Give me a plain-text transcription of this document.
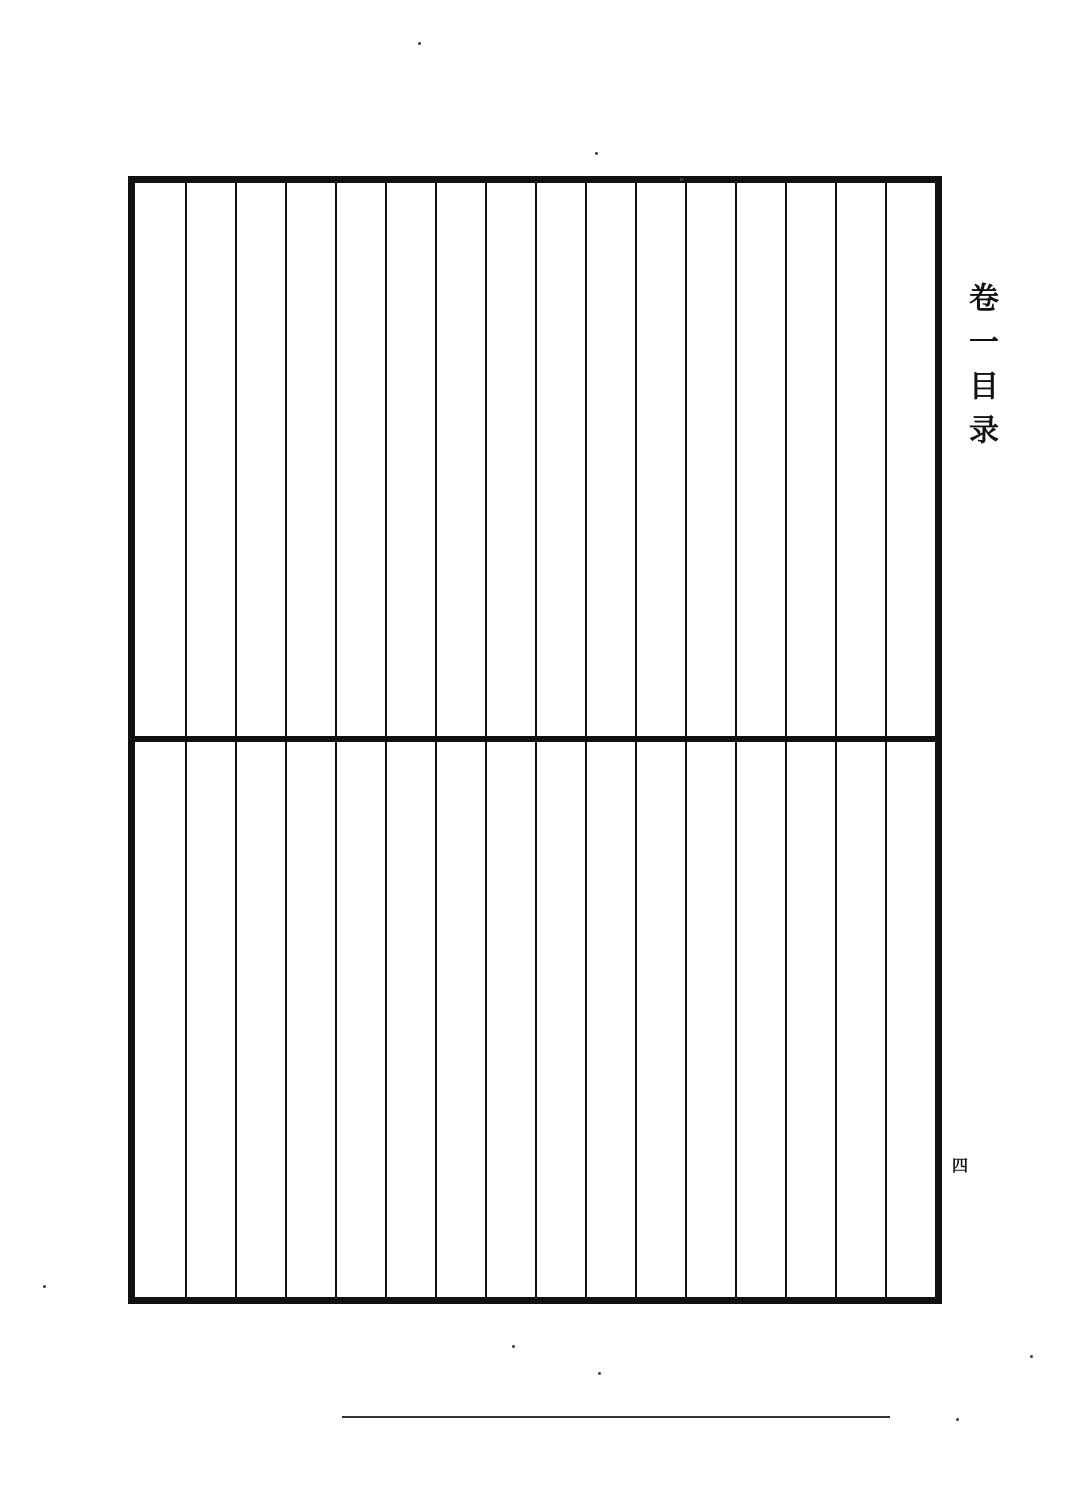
卷一目录
四
